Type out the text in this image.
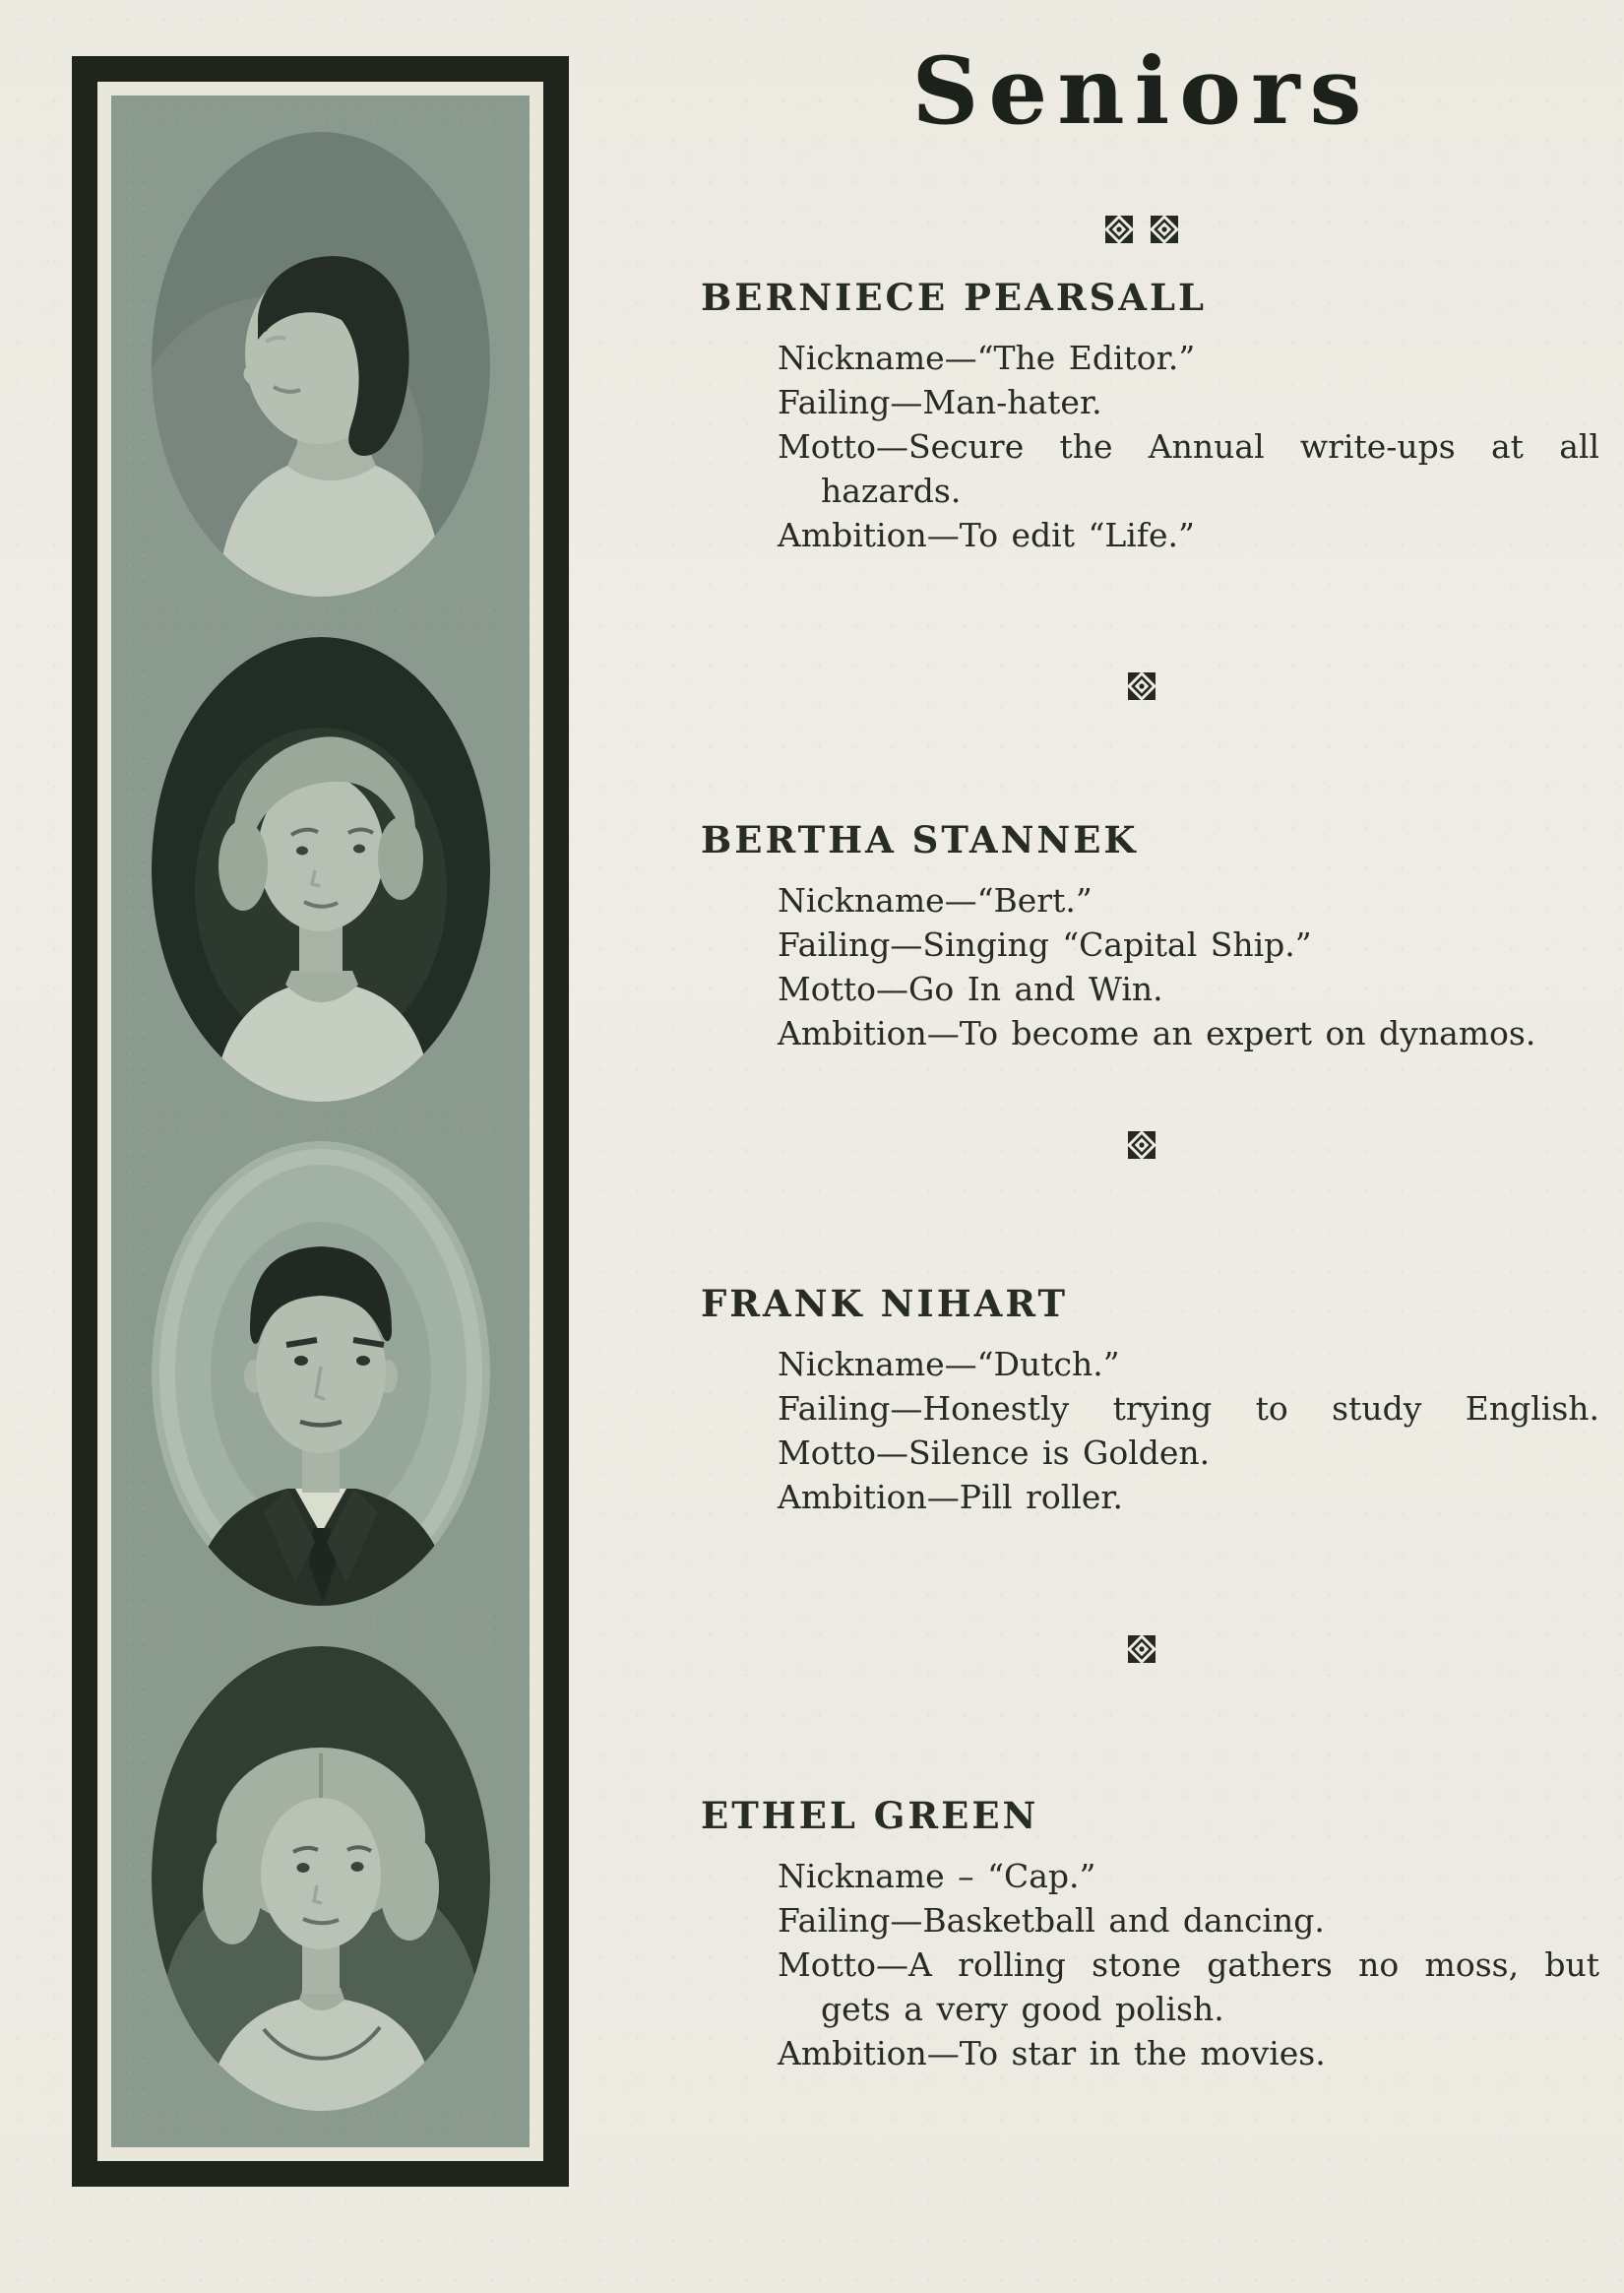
Seniors
BERNIECE PEARSALL
Nickname—“The Editor.”
Failing—Man-hater.
Motto—Secure the Annual write-ups at all
hazards.
Ambition—To edit “Life.”
BERTHA STANNEK
Nickname—“Bert.”
Failing—Singing “Capital Ship.”
Motto—Go In and Win.
Ambition—To become an expert on dynamos.
FRANK NIHART
Nickname—“Dutch.”
Failing—Honestly trying to study English.
Motto—Silence is Golden.
Ambition—Pill roller.
ETHEL GREEN
Nickname – “Cap.”
Failing—Basketball and dancing.
Motto—A rolling stone gathers no moss, but
gets a very good polish.
Ambition—To star in the movies.
